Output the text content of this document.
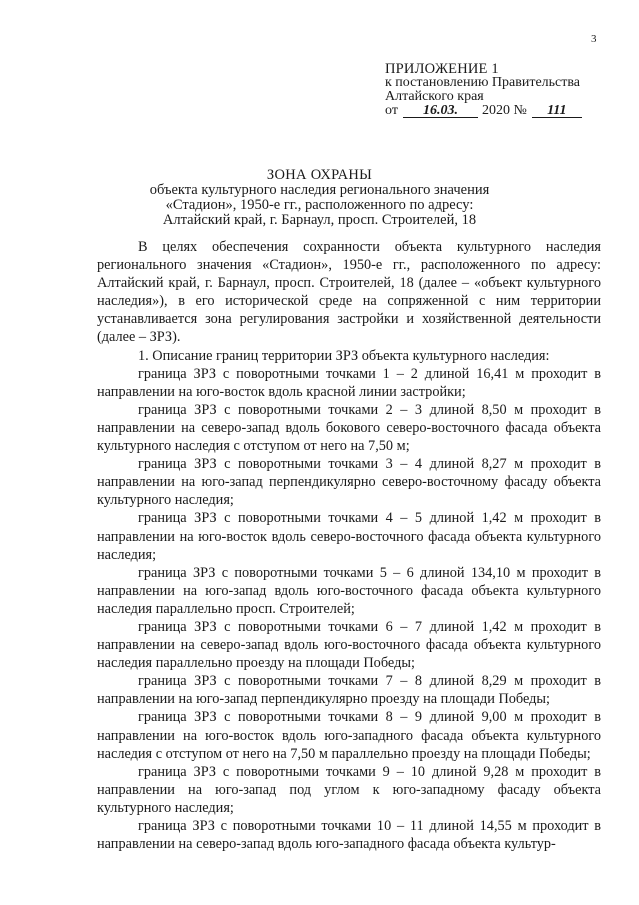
3
ПРИЛОЖЕНИЕ 1
к постановлению Правительства
Алтайского края
от	16.03.	2020 №	111
ЗОНА ОХРАНЫ
объекта культурного наследия регионального значения
«Стадион», 1950-е гг., расположенного по адресу:
Алтайский край, г. Барнаул, просп. Строителей, 18

В целях обеспечения сохранности объекта культурного наследия регионального значения «Стадион», 1950-е гг., расположенного по адресу: Алтайский край, г. Барнаул, просп. Строителей, 18 (далее – «объект культурного наследия»), в его исторической среде на сопряженной с ним территории устанавливается зона регулирования застройки и хозяйственной деятельности (далее – ЗРЗ).

1. Описание границ территории ЗРЗ объекта культурного наследия:

граница ЗРЗ с поворотными точками 1 – 2 длиной 16,41 м проходит в направлении на юго-восток вдоль красной линии застройки;

граница ЗРЗ с поворотными точками 2 – 3 длиной 8,50 м проходит в направлении на северо-запад вдоль бокового северо-восточного фасада объекта культурного наследия с отступом от него на 7,50 м;

граница ЗРЗ с поворотными точками 3 – 4 длиной 8,27 м проходит в направлении на юго-запад перпендикулярно северо-восточному фасаду объекта культурного наследия;

граница ЗРЗ с поворотными точками 4 – 5 длиной 1,42 м проходит в направлении на юго-восток вдоль северо-восточного фасада объекта культурного наследия;

граница ЗРЗ с поворотными точками 5 – 6 длиной 134,10 м проходит в направлении на юго-запад вдоль юго-восточного фасада объекта культурного наследия параллельно просп. Строителей;

граница ЗРЗ с поворотными точками 6 – 7 длиной 1,42 м проходит в направлении на северо-запад вдоль юго-восточного фасада объекта культурного наследия параллельно проезду на площади Победы;

граница ЗРЗ с поворотными точками 7 – 8 длиной 8,29 м проходит в направлении на юго-запад перпендикулярно проезду на площади Победы;

граница ЗРЗ с поворотными точками 8 – 9 длиной 9,00 м проходит в направлении на юго-восток вдоль юго-западного фасада объекта культурного наследия с отступом от него на 7,50 м параллельно проезду на площади Победы;

граница ЗРЗ с поворотными точками 9 – 10 длиной 9,28 м проходит в направлении на юго-запад под углом к юго-западному фасаду объекта культурного наследия;

граница ЗРЗ с поворотными точками 10 – 11 длиной 14,55 м проходит в направлении на северо-запад вдоль юго-западного фасада объекта культур-
